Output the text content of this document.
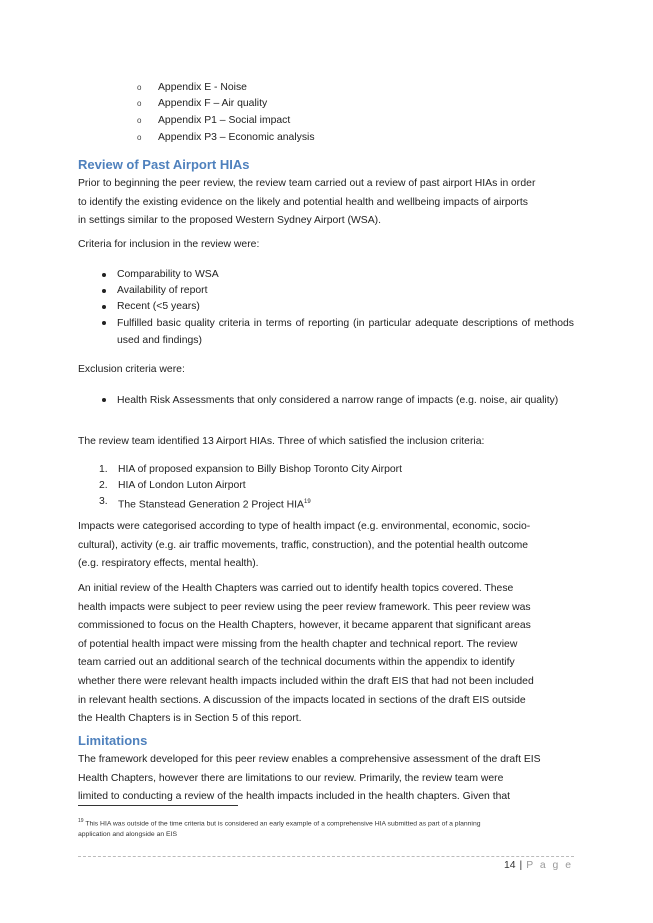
o Appendix E - Noise
o Appendix F – Air quality
o Appendix P1 – Social impact
o Appendix P3 – Economic analysis
Review of Past Airport HIAs
Prior to beginning the peer review, the review team carried out a review of past airport HIAs in order
to identify the existing evidence on the likely and potential health and wellbeing impacts of airports
in settings similar to the proposed Western Sydney Airport (WSA).
Criteria for inclusion in the review were:
Comparability to WSA
Availability of report
Recent (<5 years)
Fulfilled basic quality criteria in terms of reporting (in particular adequate descriptions of methods used and findings)
Exclusion criteria were:
Health Risk Assessments that only considered a narrow range of impacts (e.g. noise, air quality)
The review team identified 13 Airport HIAs. Three of which satisfied the inclusion criteria:
1. HIA of proposed expansion to Billy Bishop Toronto City Airport
2. HIA of London Luton Airport
3. The Stanstead Generation 2 Project HIA$^{19}$
Impacts were categorised according to type of health impact (e.g. environmental, economic, socio-
cultural), activity (e.g. air traffic movements, traffic, construction), and the potential health outcome
(e.g. respiratory effects, mental health).
An initial review of the Health Chapters was carried out to identify health topics covered. These
health impacts were subject to peer review using the peer review framework. This peer review was
commissioned to focus on the Health Chapters, however, it became apparent that significant areas
of potential health impact were missing from the health chapter and technical report. The review
team carried out an additional search of the technical documents within the appendix to identify
whether there were relevant health impacts included within the draft EIS that had not been included
in relevant health sections. A discussion of the impacts located in sections of the draft EIS outside
the Health Chapters is in Section 5 of this report.
Limitations
The framework developed for this peer review enables a comprehensive assessment of the draft EIS
Health Chapters, however there are limitations to our review. Primarily, the review team were
limited to conducting a review of the health impacts included in the health chapters. Given that
$^{19}$ This HIA was outside of the time criteria but is considered an early example of a comprehensive HIA submitted as part of a planning
application and alongside an EIS
14 | P a g e
